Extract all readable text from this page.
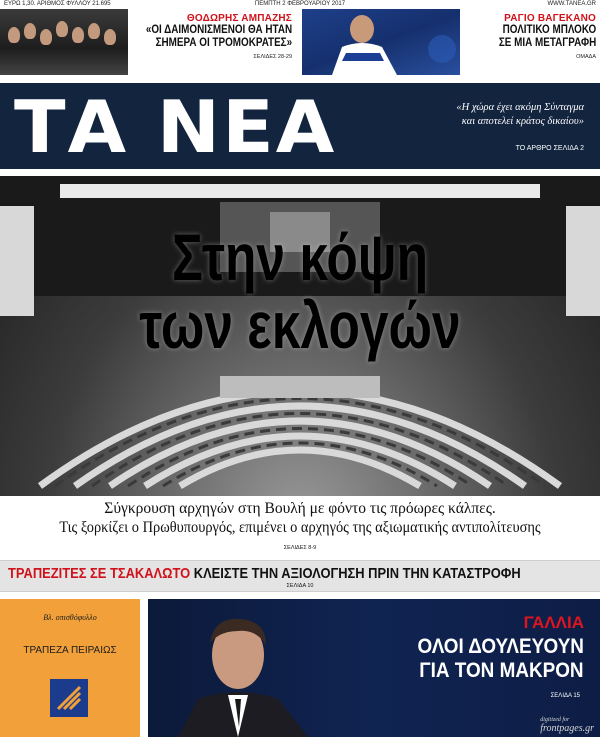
ΕΥΡΩ 1,30. ΑΡΙΘΜΟΣ ΦΥΛΛΟΥ 21.695	ΠΕΜΠΤΗ 2 ΦΕΒΡΟΥΑΡΙΟΥ 2017	WWW.TANEA.GR
ΘΟΔΩΡΗΣ ΑΜΠΑΖΗΣ
«ΟΙ ΔΑΙΜΟΝΙΣΜΕΝΟΙ ΘΑ ΗΤΑΝ
ΣΗΜΕΡΑ ΟΙ ΤΡΟΜΟΚΡΑΤΕΣ»
ΣΕΛΙΔΕΣ 28-29
ΡΑΓΙΟ ΒΑΓΕΚΑΝΟ
ΠΟΛΙΤΙΚΟ ΜΠΛΟΚΟ
ΣΕ ΜΙΑ ΜΕΤΑΓΡΑΦΗ
ΟΜΑΔΑ
ΤΑ ΝΕΑ	«Η χώρα έχει ακόμη Σύνταγμα και αποτελεί κράτος δικαίου»
ΤΟ ΑΡΘΡΟ ΣΕΛΙΔΑ 2
Στην κόψη
των εκλογών
Σύγκρουση αρχηγών στη Βουλή με φόντο τις πρόωρες κάλπες.
Τις ξορκίζει ο Πρωθυπουργός, επιμένει ο αρχηγός της αξιωματικής αντιπολίτευσης
ΣΕΛΙΔΕΣ 8-9
ΤΡΑΠΕΖΙΤΕΣ ΣΕ ΤΣΑΚΑΛΩΤΟ ΚΛΕΙΣΤΕ ΤΗΝ ΑΞΙΟΛΟΓΗΣΗ ΠΡΙΝ ΤΗΝ ΚΑΤΑΣΤΡΟΦΗ
ΣΕΛΙΔΑ 10
Βλ. οπισθόφυλλο
ΤΡΑΠΕΖΑ ΠΕΙΡΑΙΩΣ
ΓΑΛΛΙΑ
ΟΛΟΙ ΔΟΥΛΕΥΟΥΝ
ΓΙΑ ΤΟΝ ΜΑΚΡΟΝ
ΣΕΛΙΔΑ 15
digitized for
frontpages.gr
